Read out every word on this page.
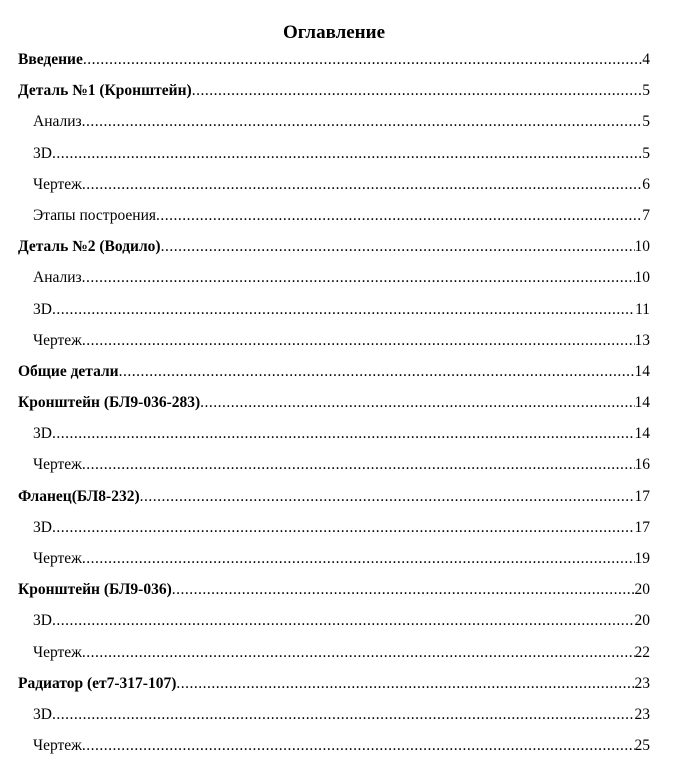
Оглавление
Введение .....	4
Деталь №1 (Кронштейн) .....	5
Анализ .....	5
3D .....	5
Чертеж .....	6
Этапы построения .....	7
Деталь №2 (Водило) .....	10
Анализ .....	10
3D .....	11
Чертеж .....	13
Общие детали .....	14
Кронштейн (БЛ9-036-283) .....	14
3D .....	14
Чертеж .....	16
Фланец(БЛ8-232) .....	17
3D .....	17
Чертеж .....	19
Кронштейн (БЛ9-036) .....	20
3D .....	20
Чертеж .....	22
Радиатор (ет7-317-107) .....	23
3D .....	23
Чертеж .....	25
